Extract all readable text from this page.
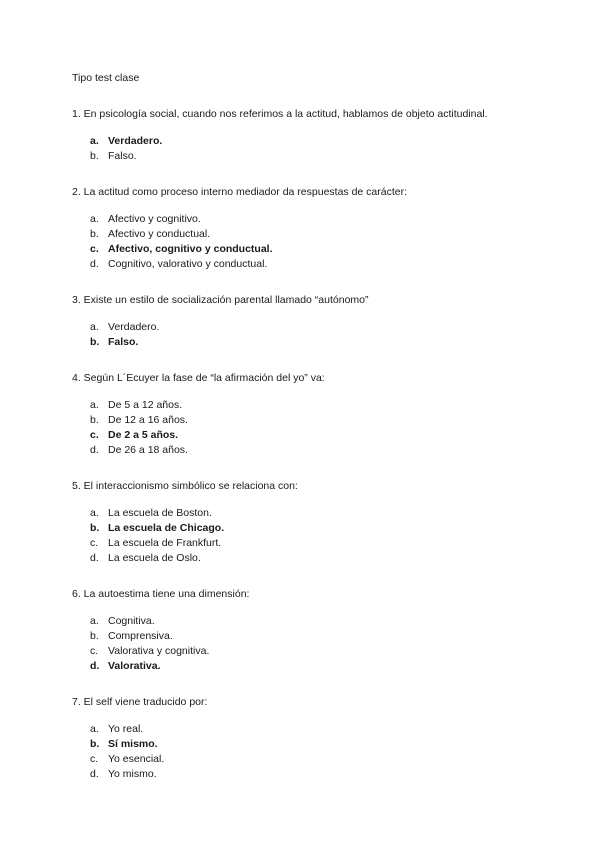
Tipo test clase
1. En psicología social, cuando nos referimos a la actitud, hablamos de objeto actitudinal.
a. Verdadero.
b. Falso.
2. La actitud como proceso interno mediador da respuestas de carácter:
a. Afectivo y cognitivo.
b. Afectivo y conductual.
c. Afectivo, cognitivo y conductual.
d. Cognitivo, valorativo y conductual.
3. Existe un estilo de socialización parental llamado “autónomo”
a. Verdadero.
b. Falso.
4. Según L´Ecuyer la fase de “la afirmación del yo” va:
a. De 5 a 12 años.
b. De 12 a 16 años.
c. De 2 a 5 años.
d. De 26 a 18 años.
5. El interaccionismo simbólico se relaciona con:
a. La escuela de Boston.
b. La escuela de Chicago.
c. La escuela de Frankfurt.
d. La escuela de Oslo.
6. La autoestima tiene una dimensión:
a. Cognitiva.
b. Comprensiva.
c. Valorativa y cognitiva.
d. Valorativa.
7. El self viene traducido por:
a. Yo real.
b. Sí mismo.
c. Yo esencial.
d. Yo mismo.
